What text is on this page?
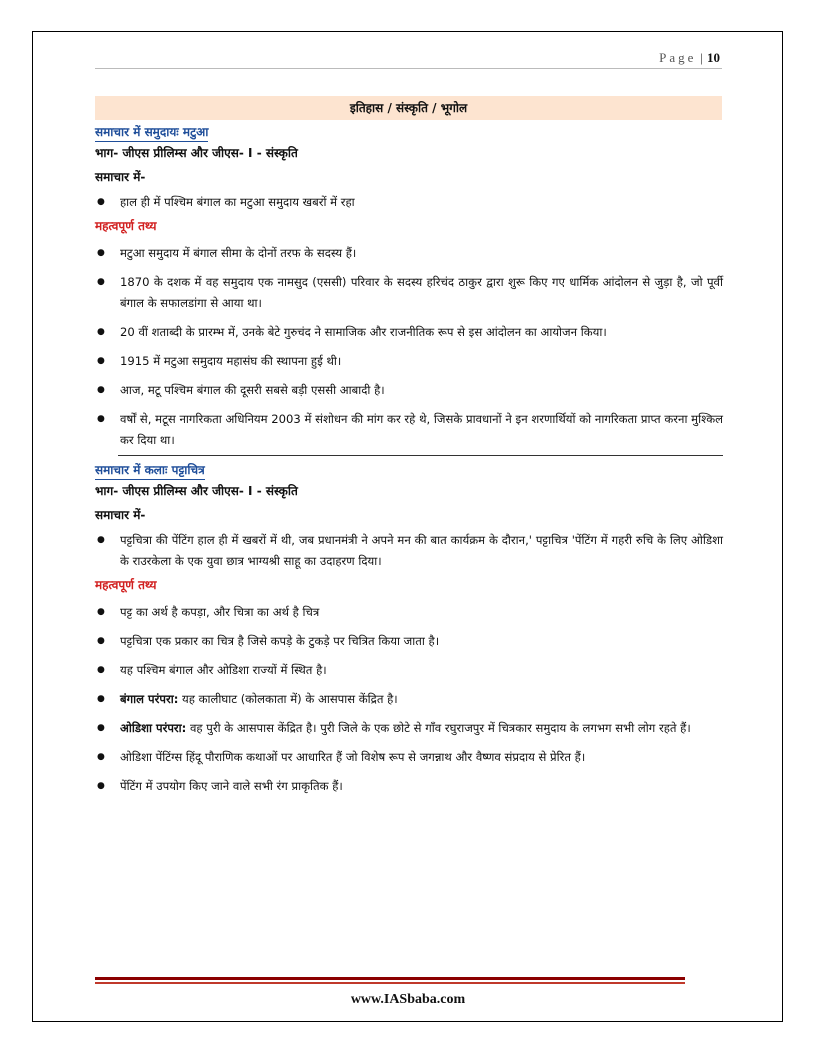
Page | 10
इतिहास / संस्कृति / भूगोल
समाचार में समुदायः मटुआ
भाग- जीएस प्रीलिम्स और जीएस- I - संस्कृति
समाचार में-
● हाल ही में पश्चिम बंगाल का मटुआ समुदाय खबरों में रहा
महत्वपूर्ण तथ्य
● मटुआ समुदाय में बंगाल सीमा के दोनों तरफ के सदस्य हैं।
● 1870 के दशक में वह समुदाय एक नामसुद (एससी) परिवार के सदस्य हरिचंद ठाकुर द्वारा शुरू किए गए धार्मिक आंदोलन से जुड़ा है, जो पूर्वी बंगाल के सफालडांगा से आया था।
● 20 वीं शताब्दी के प्रारम्भ में, उनके बेटे गुरुचंद ने सामाजिक और राजनीतिक रूप से इस आंदोलन का आयोजन किया।
● 1915 में मटुआ समुदाय महासंघ की स्थापना हुई थी।
● आज, मटू पश्चिम बंगाल की दूसरी सबसे बड़ी एससी आबादी है।
● वर्षों से, मटूस नागरिकता अधिनियम 2003 में संशोधन की मांग कर रहे थे, जिसके प्रावधानों ने इन शरणार्थियों को नागरिकता प्राप्त करना मुश्किल कर दिया था।
समाचार में कलाः पट्टाचित्र
भाग- जीएस प्रीलिम्स और जीएस- I - संस्कृति
समाचार में-
● पट्टचित्रा की पेंटिंग हाल ही में खबरों में थी, जब प्रधानमंत्री ने अपने मन की बात कार्यक्रम के दौरान,' पट्टाचित्र 'पेंटिंग में गहरी रुचि के लिए ओडिशा के राउरकेला के एक युवा छात्र भाग्यश्री साहू का उदाहरण दिया।
महत्वपूर्ण तथ्य
● पट्ट का अर्थ है कपड़ा, और चित्रा का अर्थ है चित्र
● पट्टचित्रा एक प्रकार का चित्र है जिसे कपड़े के टुकड़े पर चित्रित किया जाता है।
● यह पश्चिम बंगाल और ओडिशा राज्यों में स्थित है।
● बंगाल परंपरा: यह कालीघाट (कोलकाता में) के आसपास केंद्रित है।
● ओडिशा परंपरा: वह पुरी के आसपास केंद्रित है। पुरी जिले के एक छोटे से गाँव रघुराजपुर में चित्रकार समुदाय के लगभग सभी लोग रहते हैं।
● ओडिशा पेंटिंग्स हिंदू पौराणिक कथाओं पर आधारित हैं जो विशेष रूप से जगन्नाथ और वैष्णव संप्रदाय से प्रेरित हैं।
● पेंटिंग में उपयोग किए जाने वाले सभी रंग प्राकृतिक हैं।
www.IASbaba.com
